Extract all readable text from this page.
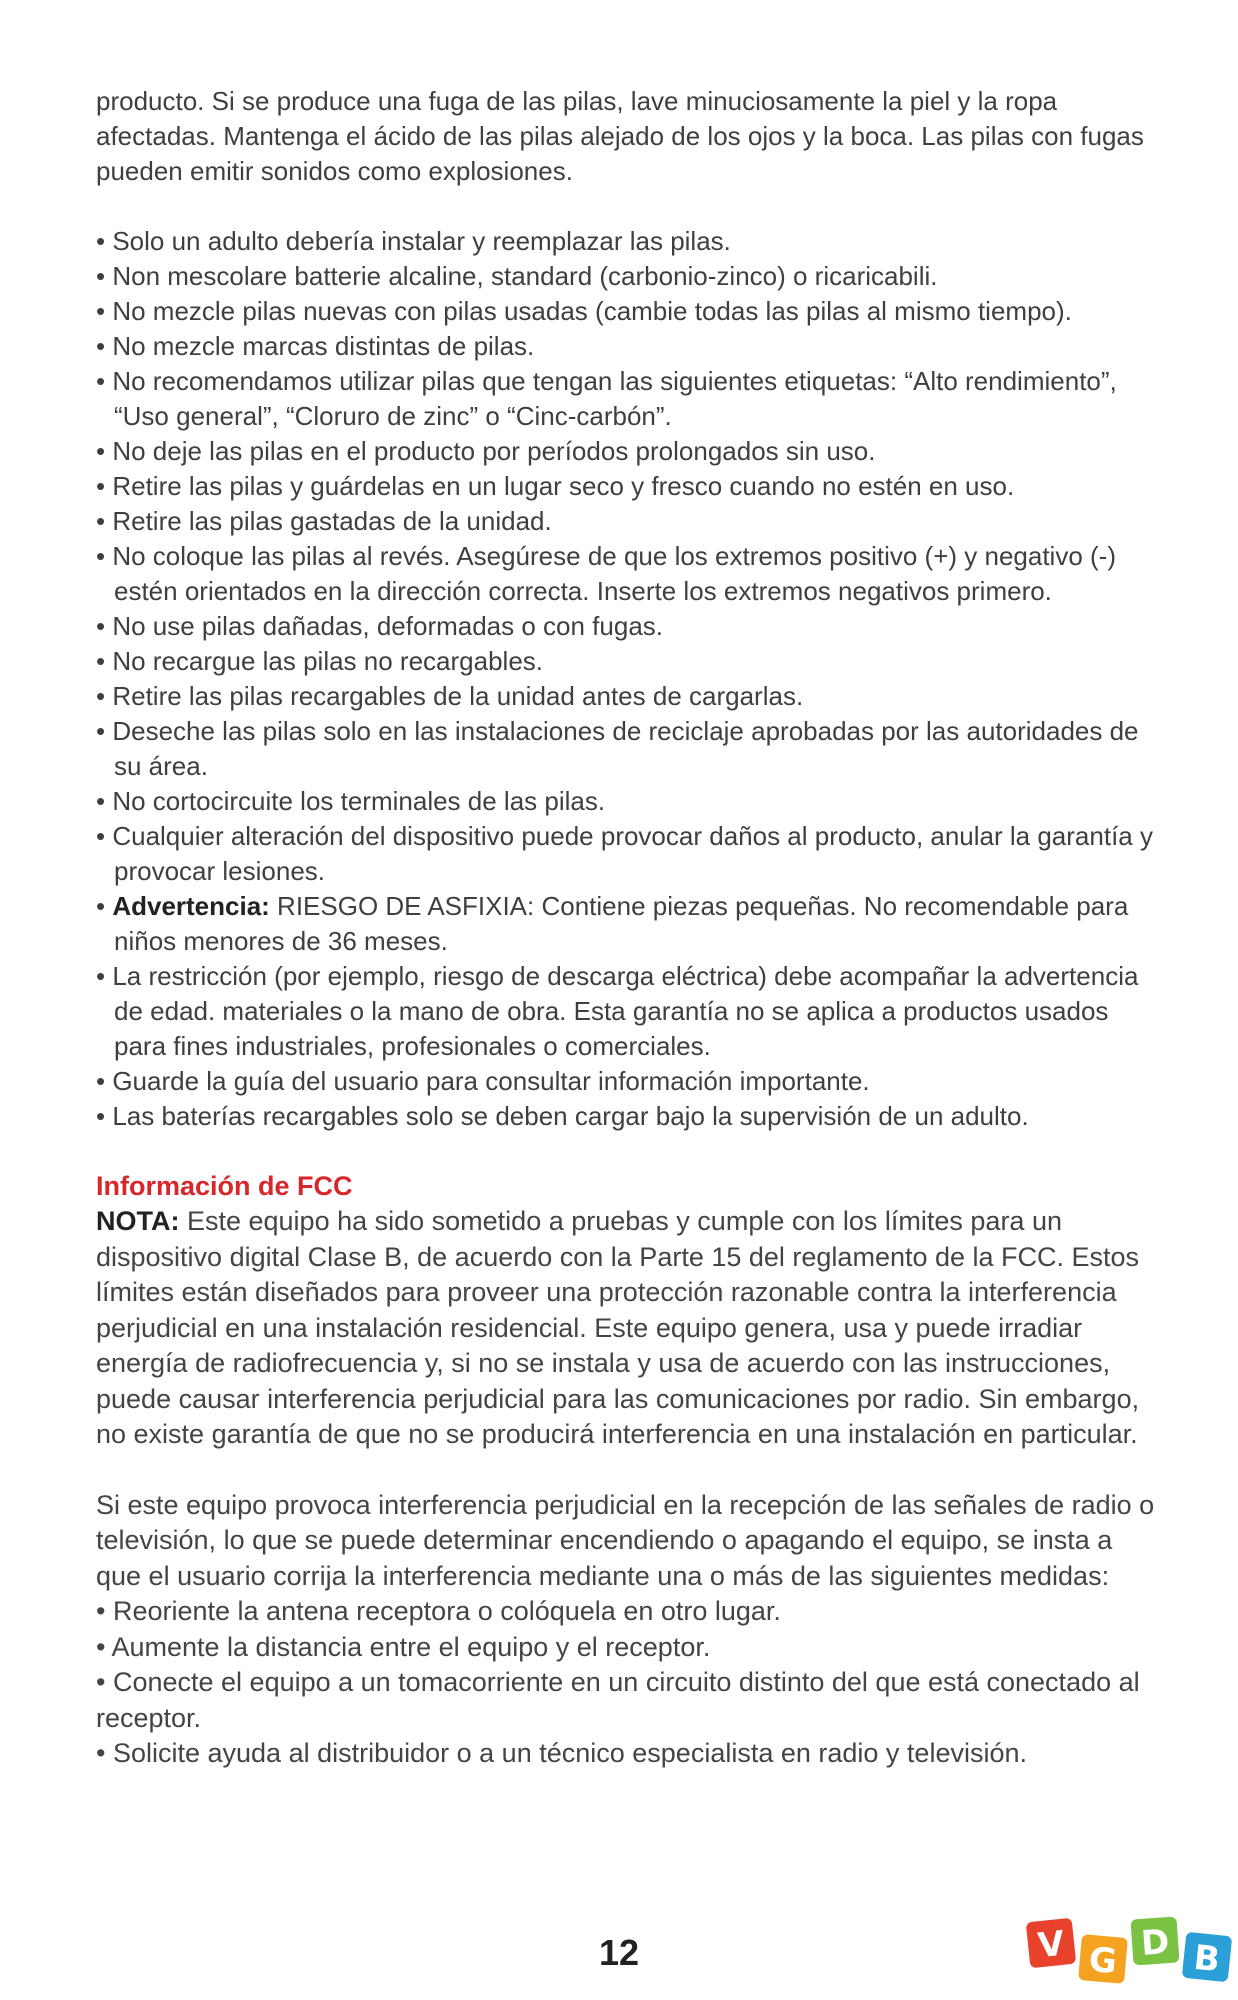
producto. Si se produce una fuga de las pilas, lave minuciosamente la piel y la ropa afectadas. Mantenga el ácido de las pilas alejado de los ojos y la boca. Las pilas con fugas pueden emitir sonidos como explosiones.

• Solo un adulto debería instalar y reemplazar las pilas.
• Non mescolare batterie alcaline, standard (carbonio-zinco) o ricaricabili.
• No mezcle pilas nuevas con pilas usadas (cambie todas las pilas al mismo tiempo).
• No mezcle marcas distintas de pilas.
• No recomendamos utilizar pilas que tengan las siguientes etiquetas: “Alto rendimiento”, “Uso general”, “Cloruro de zinc” o “Cinc-carbón”.
• No deje las pilas en el producto por períodos prolongados sin uso.
• Retire las pilas y guárdelas en un lugar seco y fresco cuando no estén en uso.
• Retire las pilas gastadas de la unidad.
• No coloque las pilas al revés. Asegúrese de que los extremos positivo (+) y negativo (-) estén orientados en la dirección correcta. Inserte los extremos negativos primero.
• No use pilas dañadas, deformadas o con fugas.
• No recargue las pilas no recargables.
• Retire las pilas recargables de la unidad antes de cargarlas.
• Deseche las pilas solo en las instalaciones de reciclaje aprobadas por las autoridades de su área.
• No cortocircuite los terminales de las pilas.
• Cualquier alteración del dispositivo puede provocar daños al producto, anular la garantía y provocar lesiones.
• Advertencia: RIESGO DE ASFIXIA: Contiene piezas pequeñas. No recomendable para niños menores de 36 meses.
• La restricción (por ejemplo, riesgo de descarga eléctrica) debe acompañar la advertencia de edad. materiales o la mano de obra. Esta garantía no se aplica a productos usados para fines industriales, profesionales o comerciales.
• Guarde la guía del usuario para consultar información importante.
• Las baterías recargables solo se deben cargar bajo la supervisión de un adulto.
Información de FCC

NOTA: Este equipo ha sido sometido a pruebas y cumple con los límites para un dispositivo digital Clase B, de acuerdo con la Parte 15 del reglamento de la FCC. Estos límites están diseñados para proveer una protección razonable contra la interferencia perjudicial en una instalación residencial. Este equipo genera, usa y puede irradiar energía de radiofrecuencia y, si no se instala y usa de acuerdo con las instrucciones, puede causar interferencia perjudicial para las comunicaciones por radio. Sin embargo, no existe garantía de que no se producirá interferencia en una instalación en particular.

Si este equipo provoca interferencia perjudicial en la recepción de las señales de radio o televisión, lo que se puede determinar encendiendo o apagando el equipo, se insta a que el usuario corrija la interferencia mediante una o más de las siguientes medidas:

• Reoriente la antena receptora o colóquela en otro lugar.
• Aumente la distancia entre el equipo y el receptor.
• Conecte el equipo a un tomacorriente en un circuito distinto del que está conectado al receptor.
• Solicite ayuda al distribuidor o a un técnico especialista en radio y televisión.
12	V G D B
